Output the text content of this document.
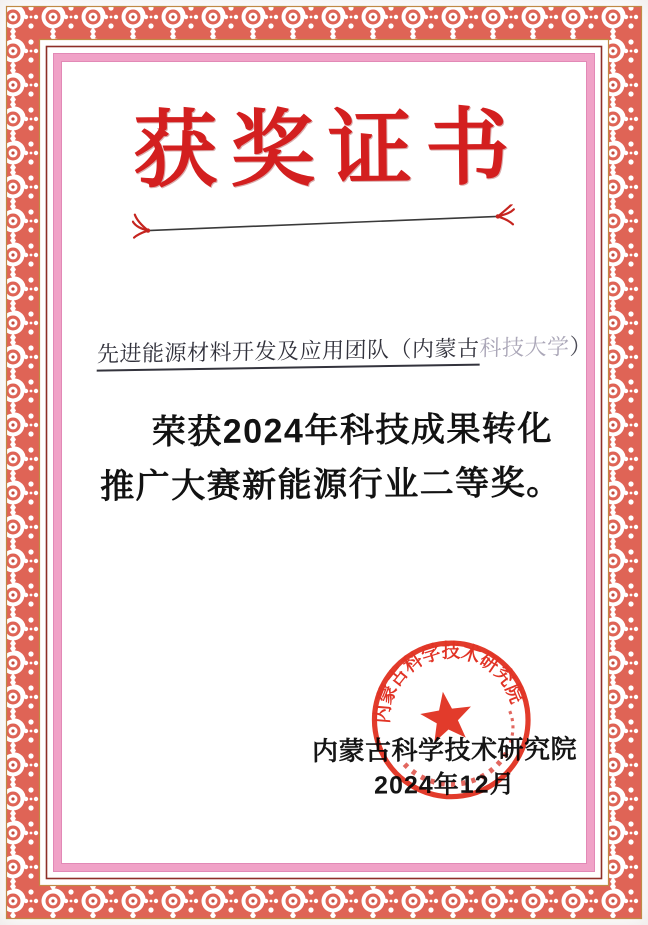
获奖证书
先进能源材料开发及应用团队（内蒙古科技大学）
荣获2024年科技成果转化
推广大赛新能源行业二等奖。
内蒙古科学技术研究院
2024年12月
内蒙古科学技术研究院
